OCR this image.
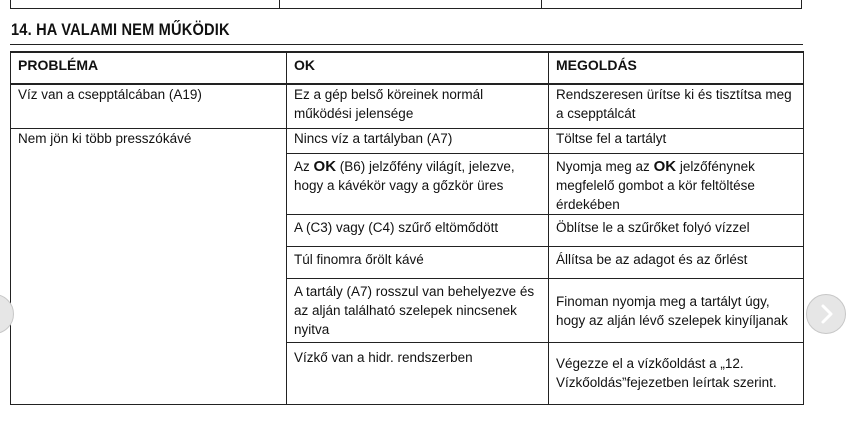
14. HA VALAMI NEM MŰKÖDIK
PROBLÉMA	OK	MEGOLDÁS
Víz van a csepptálcában (A19)	Ez a gép belső köreinek normál működési jelensége	Rendszeresen ürítse ki és tisztítsa meg a csepptálcát
Nem jön ki több presszókávé	Nincs víz a tartályban (A7)	Töltse fel a tartályt
	Az OK (B6) jelzőfény világít, jelezve, hogy a kávékör vagy a gőzkör üres	Nyomja meg az OK jelzőfénynek megfelelő gombot a kör feltöltése érdekében
	A (C3) vagy (C4) szűrő eltömődött	Öblítse le a szűrőket folyó vízzel
	Túl finomra őrölt kávé	Állítsa be az adagot és az őrlést
	A tartály (A7) rosszul van behelyezve és az alján található szelepek nincsenek nyitva	Finoman nyomja meg a tartályt úgy, hogy az alján lévő szelepek kinyíljanak
	Vízkő van a hidr. rendszerben	Végezze el a vízkőoldást a „12. Vízkőoldás”fejezetben leírtak szerint.
